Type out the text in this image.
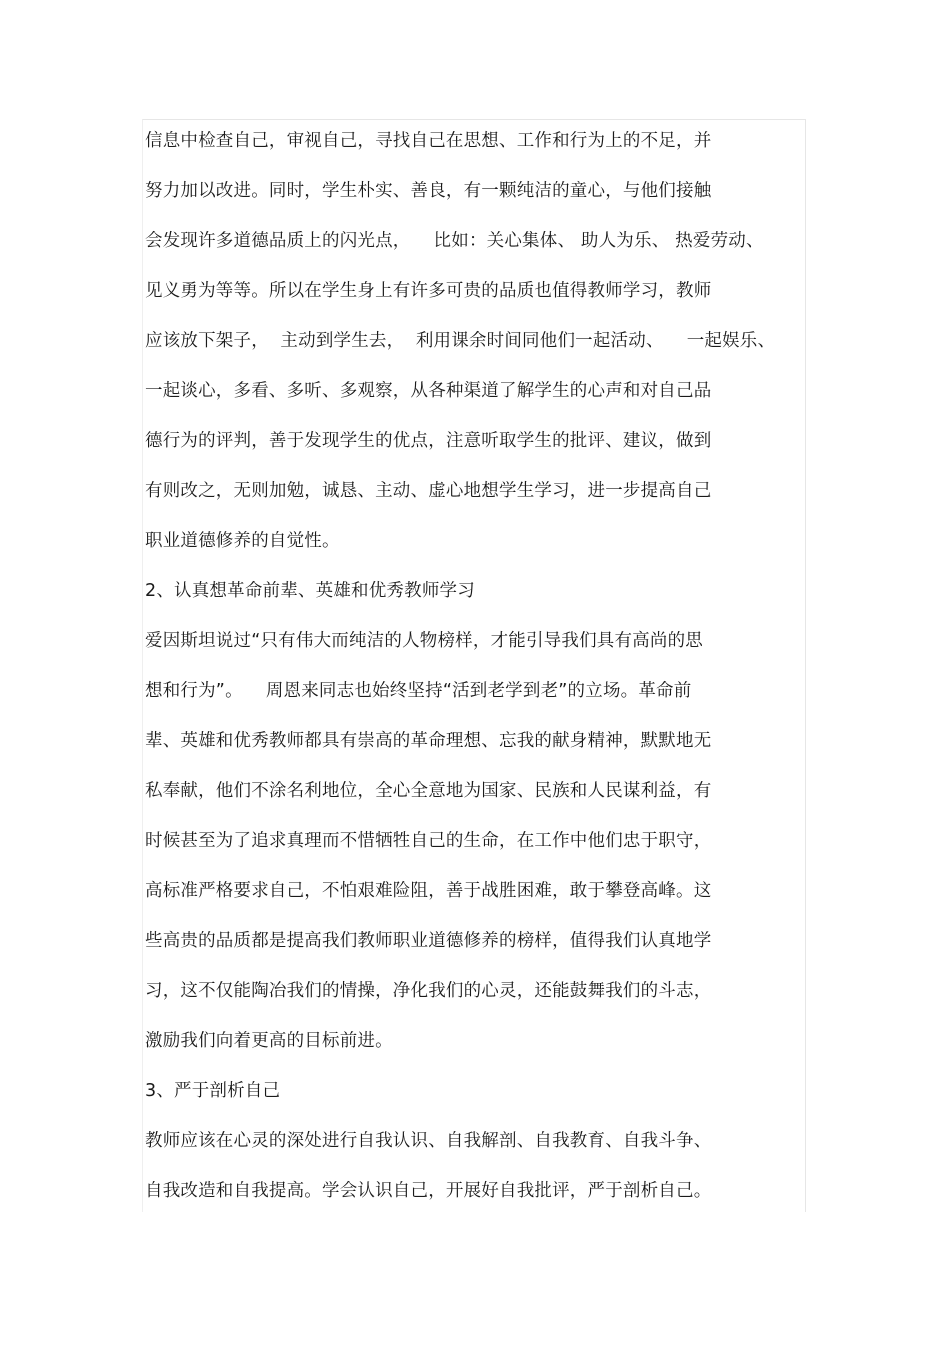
信息中检查自己，审视自己，寻找自己在思想、工作和行为上的不足，并
努力加以改进。同时，学生朴实、善良，有一颗纯洁的童心，与他们接触
会发现许多道德品质上的闪光点，    比如：关心集体、 助人为乐、 热爱劳动、
见义勇为等等。所以在学生身上有许多可贵的品质也值得教师学习，教师
应该放下架子，  主动到学生去，  利用课余时间同他们一起活动、    一起娱乐、
一起谈心，多看、多听、多观察，从各种渠道了解学生的心声和对自己品
德行为的评判，善于发现学生的优点，注意听取学生的批评、建议，做到
有则改之，无则加勉，诚恳、主动、虚心地想学生学习，进一步提高自己
职业道德修养的自觉性。
2、认真想革命前辈、英雄和优秀教师学习
爱因斯坦说过“只有伟大而纯洁的人物榜样，才能引导我们具有高尚的思
想和行为”。    周恩来同志也始终坚持“活到老学到老”的立场。革命前
辈、英雄和优秀教师都具有崇高的革命理想、忘我的献身精神，默默地无
私奉献，他们不涂名利地位，全心全意地为国家、民族和人民谋利益，有
时候甚至为了追求真理而不惜牺牲自己的生命，在工作中他们忠于职守，
高标准严格要求自己，不怕艰难险阻，善于战胜困难，敢于攀登高峰。这
些高贵的品质都是提高我们教师职业道德修养的榜样，值得我们认真地学
习，这不仅能陶冶我们的情操，净化我们的心灵，还能鼓舞我们的斗志，
激励我们向着更高的目标前进。
3、严于剖析自己
教师应该在心灵的深处进行自我认识、自我解剖、自我教育、自我斗争、
自我改造和自我提高。学会认识自己，开展好自我批评，严于剖析自己。
